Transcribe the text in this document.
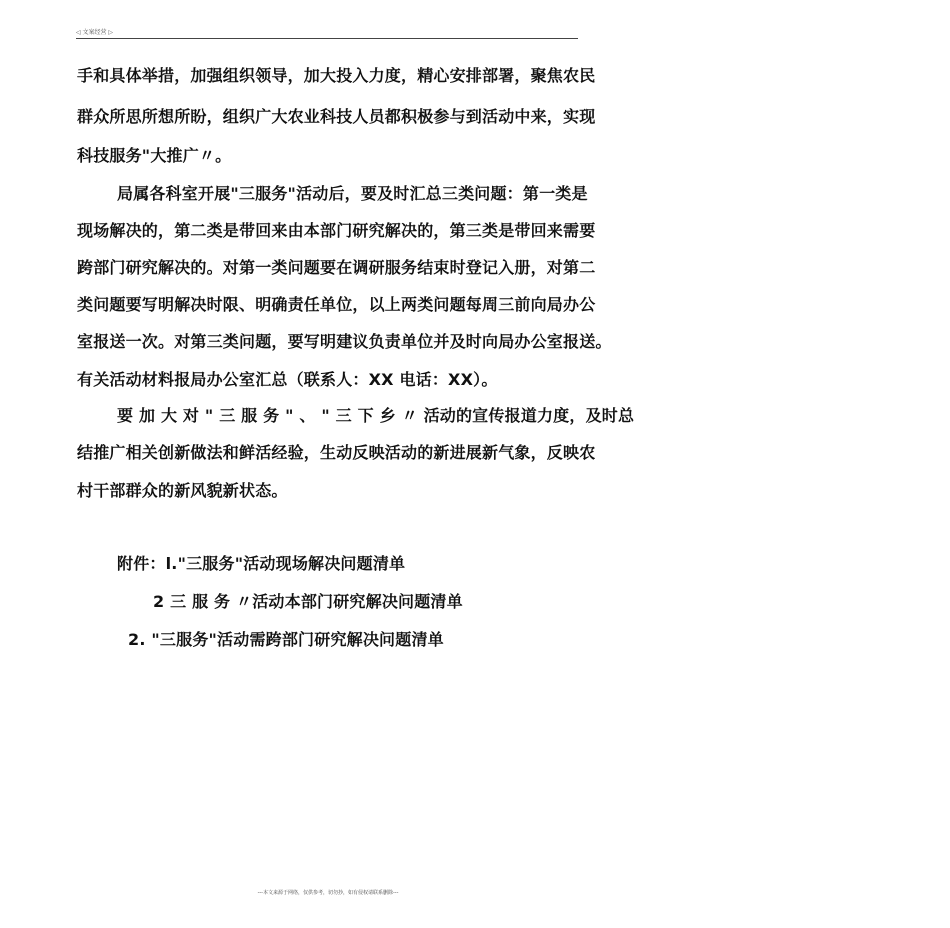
◁ 文案经营 ▷
手和具体举措，加强组织领导，加大投入力度，精心安排部署，聚焦农民
群众所思所想所盼，组织广大农业科技人员都积极参与到活动中来，实现
科技服务"大推广〃。
局属各科室开展"三服务"活动后，要及时汇总三类问题：第一类是
现场解决的，第二类是带回来由本部门研究解决的，第三类是带回来需要
跨部门研究解决的。对第一类问题要在调研服务结束时登记入册，对第二
类问题要写明解决时限、明确责任单位，以上两类问题每周三前向局办公
室报送一次。对第三类问题，要写明建议负责单位并及时向局办公室报送。
有关活动材料报局办公室汇总（联系人：XX 电话：XX）。
要 加 大 对 " 三 服 务 " 、 " 三 下 乡 〃 活动的宣传报道力度，及时总
结推广相关创新做法和鲜活经验，生动反映活动的新进展新气象，反映农
村干部群众的新风貌新状态。
附件：l."三服务"活动现场解决问题清单
2 三 服 务 〃活动本部门研究解决问题清单
2. "三服务"活动需跨部门研究解决问题清单
---本文来源于网络，仅供参考，切勿抄，如有侵权请联系删除---
